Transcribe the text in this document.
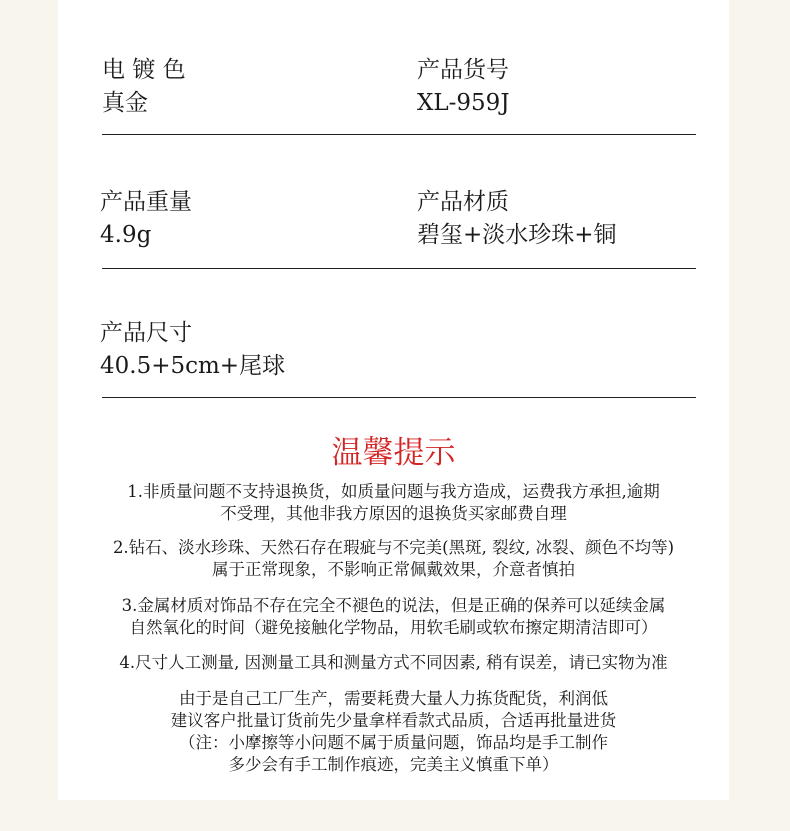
电 镀 色
真金
产品货号
XL-959J
产品重量
4.9g
产品材质
碧玺+淡水珍珠+铜
产品尺寸
40.5+5cm+尾球
温馨提示
1.非质量问题不支持退换货，如质量问题与我方造成，运费我方承担,逾期
不受理，其他非我方原因的退换货买家邮费自理
2.钻石、淡水珍珠、天然石存在瑕疵与不完美(黑斑, 裂纹, 冰裂、颜色不均等)
属于正常现象，不影响正常佩戴效果，介意者慎拍
3.金属材质对饰品不存在完全不褪色的说法，但是正确的保养可以延续金属
自然氧化的时间（避免接触化学物品，用软毛刷或软布擦定期清洁即可）
4.尺寸人工测量, 因测量工具和测量方式不同因素, 稍有误差，请已实物为准
由于是自己工厂生产，需要耗费大量人力拣货配货，利润低
建议客户批量订货前先少量拿样看款式品质，合适再批量进货
（注：小摩擦等小问题不属于质量问题，饰品均是手工制作
多少会有手工制作痕迹，完美主义慎重下单）
